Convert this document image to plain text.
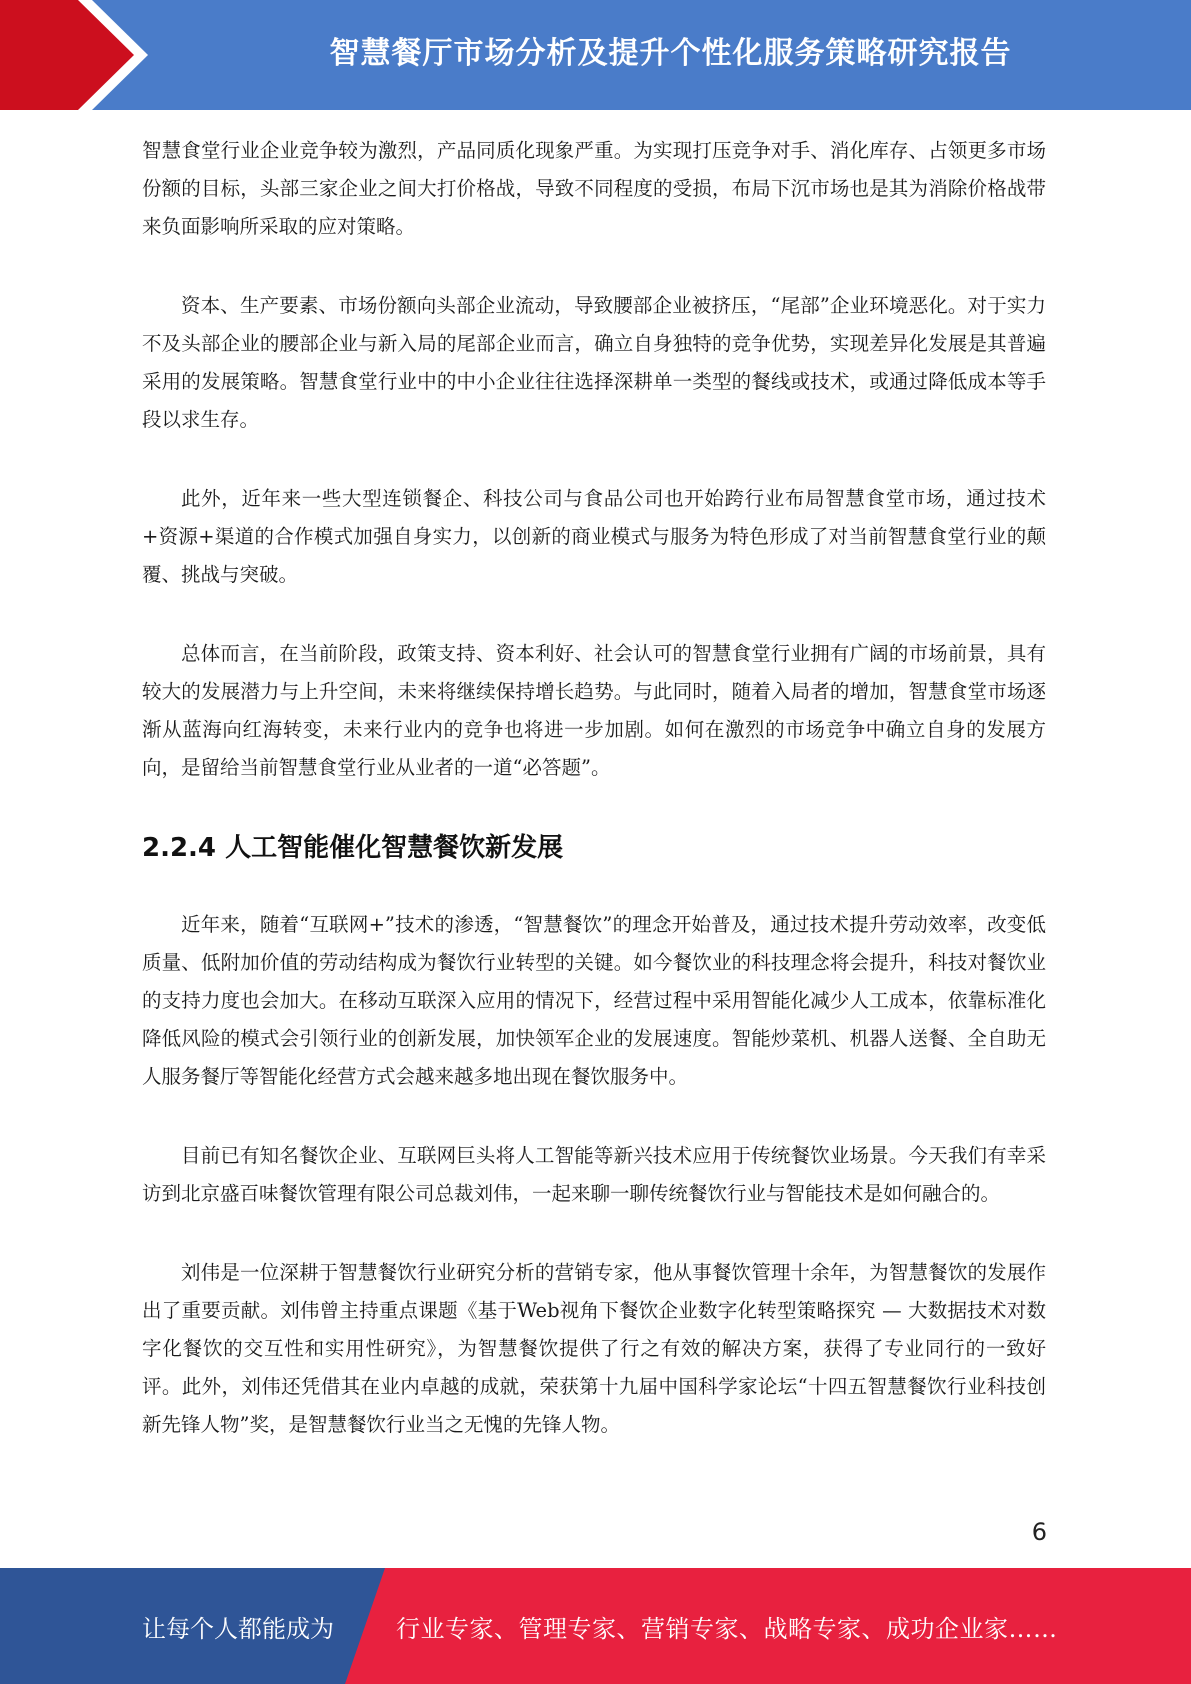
智慧餐厅市场分析及提升个性化服务策略研究报告

智慧食堂行业企业竞争较为激烈，产品同质化现象严重。为实现打压竞争对手、消化库存、占领更多市场份额的目标，头部三家企业之间大打价格战，导致不同程度的受损，布局下沉市场也是其为消除价格战带来负面影响所采取的应对策略。

资本、生产要素、市场份额向头部企业流动，导致腰部企业被挤压，“尾部”企业环境恶化。对于实力不及头部企业的腰部企业与新入局的尾部企业而言，确立自身独特的竞争优势，实现差异化发展是其普遍采用的发展策略。智慧食堂行业中的中小企业往往选择深耕单一类型的餐线或技术，或通过降低成本等手段以求生存。

此外，近年来一些大型连锁餐企、科技公司与食品公司也开始跨行业布局智慧食堂市场，通过技术+资源+渠道的合作模式加强自身实力，以创新的商业模式与服务为特色形成了对当前智慧食堂行业的颠覆、挑战与突破。

总体而言，在当前阶段，政策支持、资本利好、社会认可的智慧食堂行业拥有广阔的市场前景，具有较大的发展潜力与上升空间，未来将继续保持增长趋势。与此同时，随着入局者的增加，智慧食堂市场逐渐从蓝海向红海转变，未来行业内的竞争也将进一步加剧。如何在激烈的市场竞争中确立自身的发展方向，是留给当前智慧食堂行业从业者的一道“必答题”。

2.2.4 人工智能催化智慧餐饮新发展

近年来，随着“互联网+”技术的渗透，“智慧餐饮”的理念开始普及，通过技术提升劳动效率，改变低质量、低附加价值的劳动结构成为餐饮行业转型的关键。如今餐饮业的科技理念将会提升，科技对餐饮业的支持力度也会加大。在移动互联深入应用的情况下，经营过程中采用智能化减少人工成本，依靠标准化降低风险的模式会引领行业的创新发展，加快领军企业的发展速度。智能炒菜机、机器人送餐、全自助无人服务餐厅等智能化经营方式会越来越多地出现在餐饮服务中。

目前已有知名餐饮企业、互联网巨头将人工智能等新兴技术应用于传统餐饮业场景。今天我们有幸采访到北京盛百味餐饮管理有限公司总裁刘伟，一起来聊一聊传统餐饮行业与智能技术是如何融合的。

刘伟是一位深耕于智慧餐饮行业研究分析的营销专家，他从事餐饮管理十余年，为智慧餐饮的发展作出了重要贡献。刘伟曾主持重点课题《基于Web视角下餐饮企业数字化转型策略探究 — 大数据技术对数字化餐饮的交互性和实用性研究》，为智慧餐饮提供了行之有效的解决方案，获得了专业同行的一致好评。此外，刘伟还凭借其在业内卓越的成就，荣获第十九届中国科学家论坛“十四五智慧餐饮行业科技创新先锋人物”奖，是智慧餐饮行业当之无愧的先锋人物。

6
让每个人都能成为	行业专家、管理专家、营销专家、战略专家、成功企业家……
